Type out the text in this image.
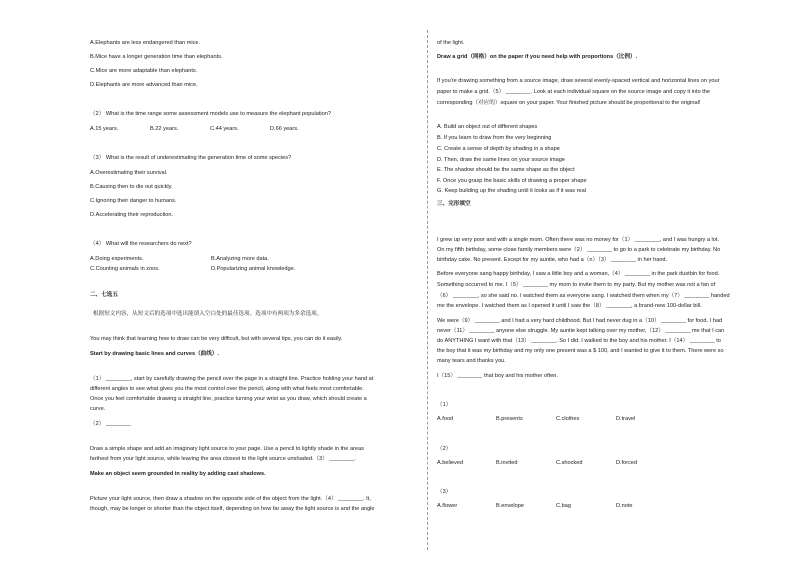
A.Elephants are less endangered than mice.
B.Mice have a longer generation time than elephants.
C.Mice are more adaptable than elephants.
D.Elephants are more advanced than mice.
（2） What is the time range some assessment models use to measure the elephant population?
A.15 years.	B.22 years.	C.44 years.	D.66 years.
（3） What is the result of underestimating the generation time of some species?
A.Overestimating their survival.
B.Causing then to die out quickly.
C.Ignoring their danger to humans.
D.Accelerating their reproduction.
（4） What will the researchers do next?
A.Doing experiments.	B.Analyzing more data.
C.Counting animals in zoos.	D.Popularizing animal knowledge.
二、七选五
根据短文内容，从短文后的选项中选出能填入空白处的最佳选项。选项中有两项为多余选项。
You may think that learning how to draw can be very difficult, but with several tips, you can do it easily.
Start by drawing basic lines and curves（曲线）.
（1） ________, start by carefully drawing the pencil over the page in a straight line. Practice holding your hand at
different angles to see what gives you the most control over the pencil, along with what feels most comfortable.
Once you feel comfortable drawing a straight line, practice turning your wrist as you draw, which should create a
curve.
（2） ________
Draw a simple shape and add an imaginary light source to your page. Use a pencil to lightly shade in the areas
farthest from your light source, while leaving the area closest to the light source unshaded.（3） ________.
Make an object seem grounded in reality by adding cast shadows.
Picture your light source, then draw a shadow on the opposite side of the object from the light.（4） ________. It,
though, may be longer or shorter than the object itself, depending on how far away the light source is and the angle
of the light.
Draw a grid（网格）on the paper if you need help with proportions（比例）.
If you're drawing something from a source image, draw several evenly-spaced vertical and horizontal lines on your
paper to make a grid.（5） ________. Look at each individual square on the source image and copy it into the
corresponding（对应的）square on your paper. Your finished picture should be proportional to the original!
A. Build an object out of different shapes
B. If you learn to draw from the very beginning
C. Create a sense of depth by shading in a shape
D. Then, draw the same lines on your source image
E. The shadow should be the same shape as the object
F. Once you grasp the basic skills of drawing a proper shape
G. Keep building up the shading until it looks as if it was real
三、完形填空
I grew up very poor and with a single mom. Often there was no money for（1） ________, and I was hungry a lot.
On my fifth birthday, some close family members were（2） ________ to go to a park to celebrate my birthday. No
birthday cake. No present. Except for my auntie, who had a（n）（3） ________ in her hand.
Before everyone sang happy birthday, I saw a little boy and a woman,（4） ________ in the park dustbin for food.
Something occurred to me. I（5） ________ my mom to invite them to my party. But my mother was not a fan of
（6） ________, so she said no. I watched them as everyone sang. I watched them when my（7） ________ handed
me the envelope. I watched them as I opened it until I saw the（8） ________, a brand-new 100-dollar bill.
We were（9） ________ and I had a very hard childhood. But I had never dug in a（10） ________ for food. I had
never（11） ________ anyone else struggle. My auntie kept talking over my mother,（12） ________ me that I can
do ANYTHING I want with that（13） ________. So I did. I walked to the boy and his mother. I（14） ________ to
the boy that it was my birthday and my only one present was a $ 100, and I wanted to give it to them. There were so
many tears and thanks you.
I（15） ________ that boy and his mother often.
（1）
A.food	B.presents	C.clothes	D.travel
（2）
A.believed	B.invited	C.shocked	D.forced
（3）
A.flower	B.envelope	C.bag	D.note
